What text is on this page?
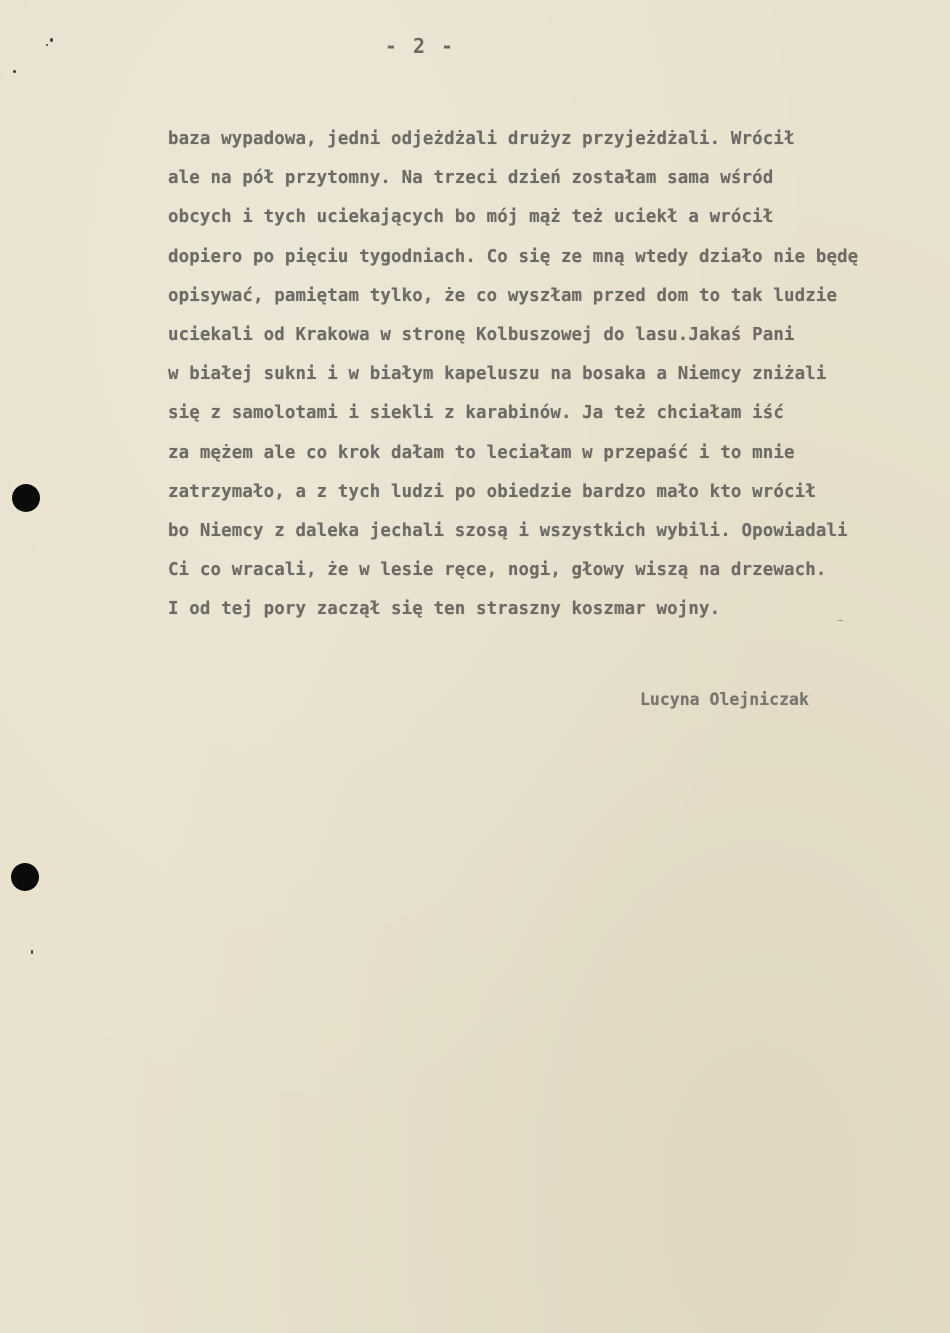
- 2 -
baza wypadowa, jedni odjeżdżali drużyz przyjeżdżali. Wrócił
ale na pół przytomny. Na trzeci dzień zostałam sama wśród
obcych i tych uciekających bo mój mąż też uciekł a wrócił
dopiero po pięciu tygodniach. Co się ze mną wtedy działo nie będę
opisywać, pamiętam tylko, że co wyszłam przed dom to tak ludzie
uciekali od Krakowa w stronę Kolbuszowej do lasu.Jakaś Pani
w białej sukni i w białym kapeluszu na bosaka a Niemcy zniżali
się z samolotami i siekli z karabinów. Ja też chciałam iść
za mężem ale co krok dałam to leciałam w przepaść i to mnie
zatrzymało, a z tych ludzi po obiedzie bardzo mało kto wrócił
bo Niemcy z daleka jechali szosą i wszystkich wybili. Opowiadali
Ci co wracali, że w lesie ręce, nogi, głowy wiszą na drzewach.
I od tej pory zaczął się ten straszny koszmar wojny.
Lucyna Olejniczak
